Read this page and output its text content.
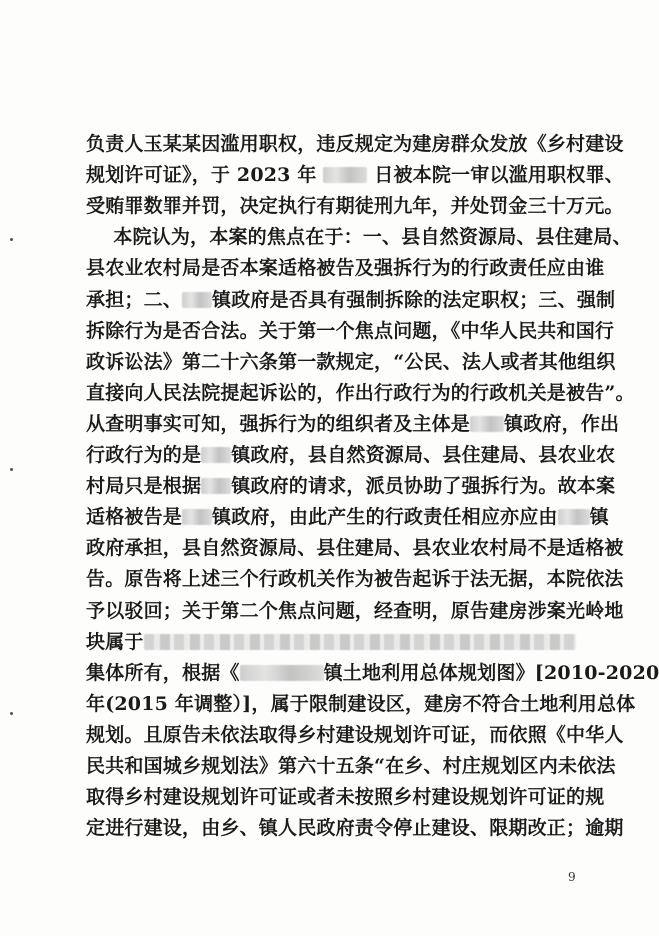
负责人玉某某因滥用职权，违反规定为建房群众发放《乡村建设
规划许可证》，于 2023 年  日被本院一审以滥用职权罪、
受贿罪数罪并罚，决定执行有期徒刑九年，并处罚金三十万元。
本院认为，本案的焦点在于：一、县自然资源局、县住建局、
县农业农村局是否本案适格被告及强拆行为的行政责任应由谁
承担；二、 镇政府是否具有强制拆除的法定职权；三、强制
拆除行为是否合法。关于第一个焦点问题，《中华人民共和国行
政诉讼法》第二十六条第一款规定，“公民、法人或者其他组织
直接向人民法院提起诉讼的，作出行政行为的行政机关是被告”。
从查明事实可知，强拆行为的组织者及主体是 镇政府，作出
行政行为的是 镇政府，县自然资源局、县住建局、县农业农
村局只是根据 镇政府的请求，派员协助了强拆行为。故本案
适格被告是 镇政府，由此产生的行政责任相应亦应由 镇
政府承担，县自然资源局、县住建局、县农业农村局不是适格被
告。原告将上述三个行政机关作为被告起诉于法无据，本院依法
予以驳回；关于第二个焦点问题，经查明，原告建房涉案光岭地
块属于
集体所有，根据《	镇土地利用总体规划图》[2010-2020
年(2015 年调整）]，属于限制建设区，建房不符合土地利用总体
规划。且原告未依法取得乡村建设规划许可证，而依照《中华人
民共和国城乡规划法》第六十五条“在乡、村庄规划区内未依法
取得乡村建设规划许可证或者未按照乡村建设规划许可证的规
定进行建设，由乡、镇人民政府责令停止建设、限期改正；逾期
9
